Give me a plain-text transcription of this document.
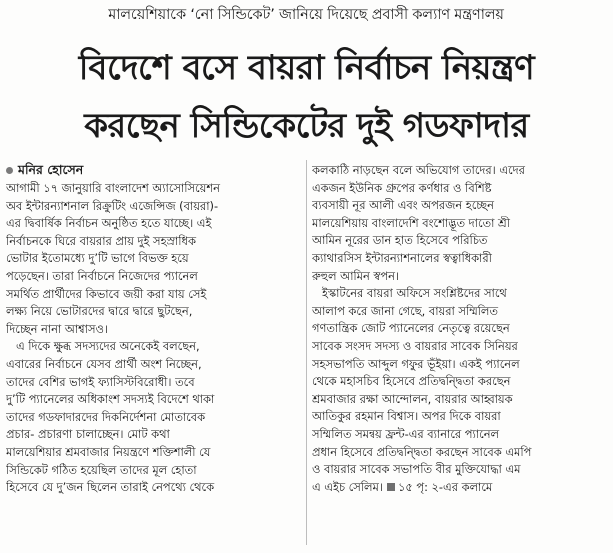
মালয়েশিয়াকে ‘নো সিন্ডিকেট’ জানিয়ে দিয়েছে প্রবাসী কল্যাণ মন্ত্রণালয়
বিদেশে বসে বায়রা নির্বাচন নিয়ন্ত্রণ
করছেন সিন্ডিকেটের দুই গডফাদার
মনির হোসেন
আগামী ১৭ জানুয়ারি বাংলাদেশ অ্যাসোসিয়েশন
অব ইন্টারন্যাশনাল রিক্রুটিং এজেন্সিজ (বায়রা)-
এর দ্বিবার্ষিক নির্বাচন অনুষ্ঠিত হতে যাচ্ছে। এই
নির্বাচনকে ঘিরে বায়রার প্রায় দুই সহস্রাধিক
ভোটার ইতোমধ্যে দু’টি ভাগে বিভক্ত হয়ে
পড়েছেন। তারা নির্বাচনে নিজেদের প্যানেল
সমর্থিত প্রার্থীদের কিভাবে জয়ী করা যায় সেই
লক্ষ্য নিয়ে ভোটারদের দ্বারে দ্বারে ছুটছেন,
দিচ্ছেন নানা আশ্বাসও।
এ দিকে ক্ষুব্ধ সদস্যদের অনেকেই বলছেন,
এবারের নির্বাচনে যেসব প্রার্থী অংশ নিচ্ছেন,
তাদের বেশির ভাগই ফ্যাসিস্টবিরোধী। তবে
দু’টি প্যানেলের অধিকাংশ সদস্যই বিদেশে থাকা
তাদের গডফাদারদের দিকনির্দেশনা মোতাবেক
প্রচার- প্রচারণা চালাচ্ছেন। মোট কথা
মালয়েশিয়ার শ্রমবাজার নিয়ন্ত্রণে শক্তিশালী যে
সিন্ডিকেট গঠিত হয়েছিল তাদের মূল হোতা
হিসেবে যে দু’জন ছিলেন তারাই নেপথ্যে থেকে
কলকাঠি নাড়ছেন বলে অভিযোগ তাদের। এদের
একজন ইউনিক গ্রুপের কর্ণধার ও বিশিষ্ট
ব্যবসায়ী নূর আলী এবং অপরজন হচ্ছেন
মালয়েশিয়ায় বাংলাদেশি বংশোদ্ভূত দাতো শ্রী
আমিন নূরের ডান হাত হিসেবে পরিচিত
ক্যাথারসিস ইন্টারন্যাশনালের স্বত্বাধিকারী
রুহুল আমিন স্বপন।
ইস্কাটনের বায়রা অফিসে সংশ্লিষ্টদের সাথে
আলাপ করে জানা গেছে, বায়রা সম্মিলিত
গণতান্ত্রিক জোট প্যানেলের নেতৃত্বে রয়েছেন
সাবেক সংসদ সদস্য ও বায়রার সাবেক সিনিয়র
সহসভাপতি আব্দুল গফুর ভূঁইয়া। একই প্যানেল
থেকে মহাসচিব হিসেবে প্রতিদ্বন্দ্বিতা করছেন
শ্রমবাজার রক্ষা আন্দোলন, বায়রার আহ্বায়ক
আতিকুর রহমান বিশ্বাস। অপর দিকে বায়রা
সম্মিলিত সমন্বয় ফ্রন্ট-এর ব্যানারে প্যানেল
প্রধান হিসেবে প্রতিদ্বন্দ্বিতা করছেন সাবেক এমপি
ও বায়রার সাবেক সভাপতি বীর মুক্তিযোদ্ধা এম
এ এইচ সেলিম। ১৫ পৃ: ২-এর কলামে
